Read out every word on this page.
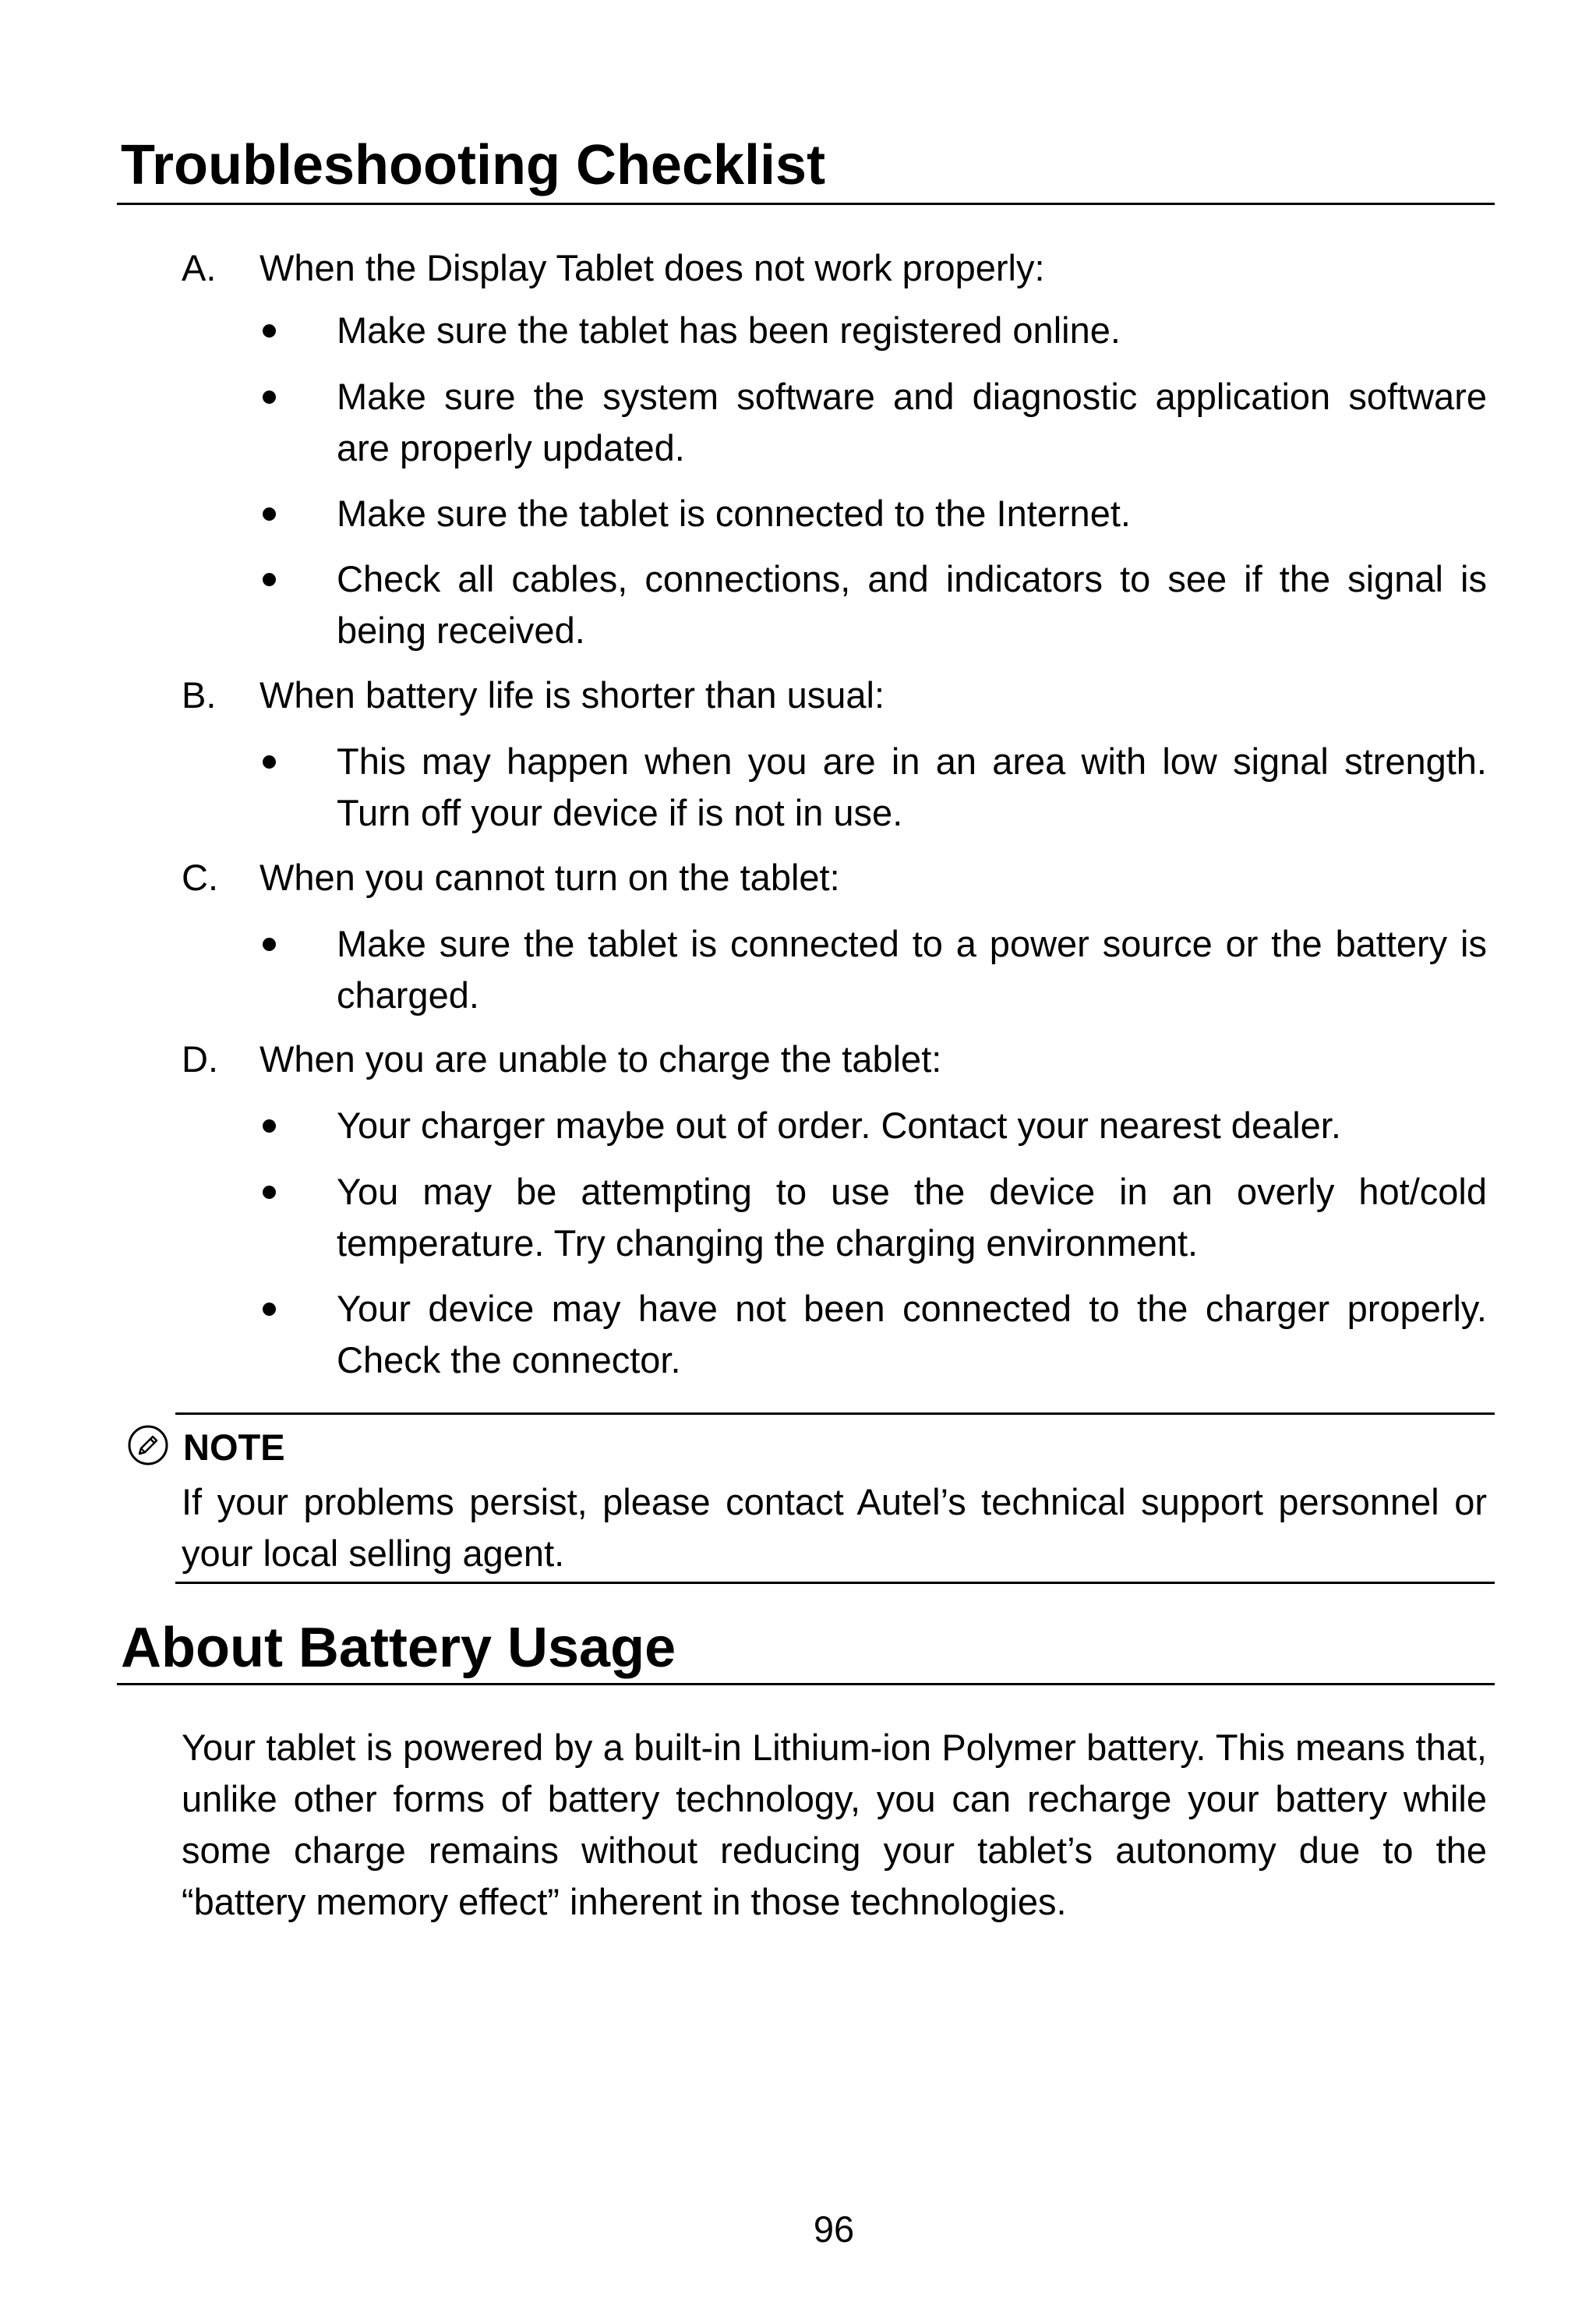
Troubleshooting Checklist
A. When the Display Tablet does not work properly:
Make sure the tablet has been registered online.
Make sure the system software and diagnostic application software are properly updated.
Make sure the tablet is connected to the Internet.
Check all cables, connections, and indicators to see if the signal is being received.
B. When battery life is shorter than usual:
This may happen when you are in an area with low signal strength. Turn off your device if is not in use.
C. When you cannot turn on the tablet:
Make sure the tablet is connected to a power source or the battery is charged.
D. When you are unable to charge the tablet:
Your charger maybe out of order. Contact your nearest dealer.
You may be attempting to use the device in an overly hot/cold temperature. Try changing the charging environment.
Your device may have not been connected to the charger properly. Check the connector.
NOTE
If your problems persist, please contact Autel’s technical support personnel or your local selling agent.
About Battery Usage
Your tablet is powered by a built-in Lithium-ion Polymer battery. This means that, unlike other forms of battery technology, you can recharge your battery while some charge remains without reducing your tablet’s autonomy due to the “battery memory effect” inherent in those technologies.
96
